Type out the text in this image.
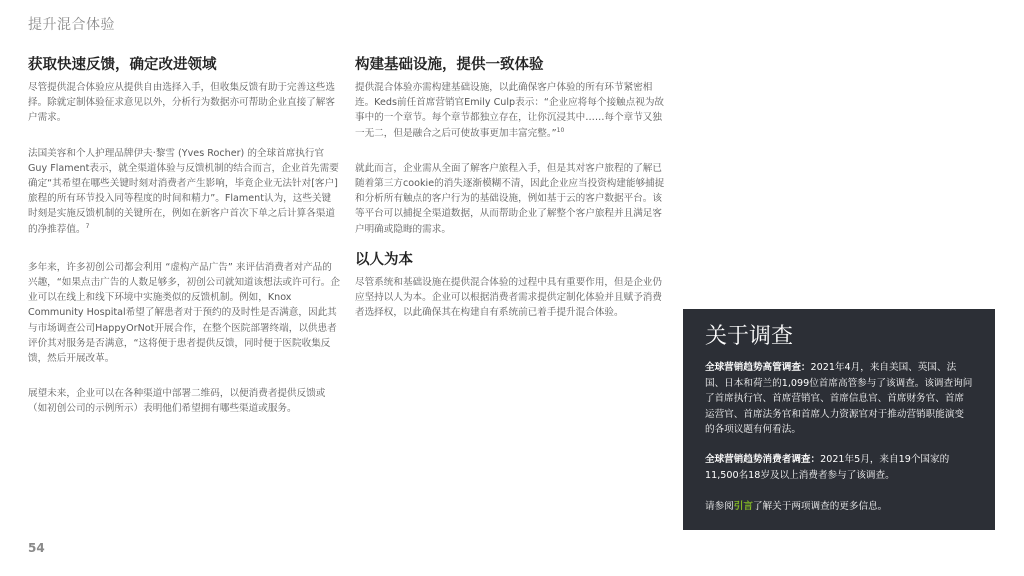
提升混合体验
获取快速反馈，确定改进领域

尽管提供混合体验应从提供自由选择入手，但收集反馈有助于完善这些选择。除就定制体验征求意见以外，分析行为数据亦可帮助企业直接了解客户需求。

法国美容和个人护理品牌伊夫·黎雪 (Yves Rocher) 的全球首席执行官Guy Flament表示，就全渠道体验与反馈机制的结合而言，企业首先需要确定“其希望在哪些关键时刻对消费者产生影响，毕竟企业无法针对[客户]旅程的所有环节投入同等程度的时间和精力”。Flament认为，这些关键时刻是实施反馈机制的关键所在，例如在新客户首次下单之后计算各渠道的净推荐值。$^7$

多年来，许多初创公司都会利用 “虚构产品广告” 来评估消费者对产品的兴趣，“如果点击广告的人数足够多，初创公司就知道该想法或许可行。企业可以在线上和线下环境中实施类似的反馈机制。例如，Knox Community Hospital希望了解患者对于预约的及时性是否满意，因此其与市场调查公司HappyOrNot开展合作，在整个医院部署终端，以供患者评价其对服务是否满意，“这将便于患者提供反馈，同时便于医院收集反馈，然后开展改革。

展望未来，企业可以在各种渠道中部署二维码，以便消费者提供反馈或（如初创公司的示例所示）表明他们希望拥有哪些渠道或服务。

构建基础设施，提供一致体验

提供混合体验亦需构建基础设施，以此确保客户体验的所有环节紧密相连。Keds前任首席营销官Emily Culp表示：“企业应将每个接触点视为故事中的一个章节。每个章节都独立存在，让你沉浸其中……每个章节又独一无二，但是融合之后可使故事更加丰富完整。”$^{10}$

就此而言，企业需从全面了解客户旅程入手，但是其对客户旅程的了解已随着第三方cookie的消失逐渐模糊不清，因此企业应当投资构建能够捕捉和分析所有触点的客户行为的基础设施，例如基于云的客户数据平台。该等平台可以捕捉全渠道数据，从而帮助企业了解整个客户旅程并且满足客户明确或隐晦的需求。

以人为本

尽管系统和基础设施在提供混合体验的过程中具有重要作用，但是企业仍应坚持以人为本。企业可以根据消费者需求提供定制化体验并且赋予消费者选择权，以此确保其在构建自有系统前已着手提升混合体验。

关于调查

全球营销趋势高管调查：2021年4月，来自美国、英国、法国、日本和荷兰的1,099位首席高管参与了该调查。该调查询问了首席执行官、首席营销官、首席信息官、首席财务官、首席运营官、首席法务官和首席人力资源官对于推动营销职能演变的各项议题有何看法。

全球营销趋势消费者调查：2021年5月，来自19个国家的11,500名18岁及以上消费者参与了该调查。

请参阅引言了解关于两项调查的更多信息。

54
